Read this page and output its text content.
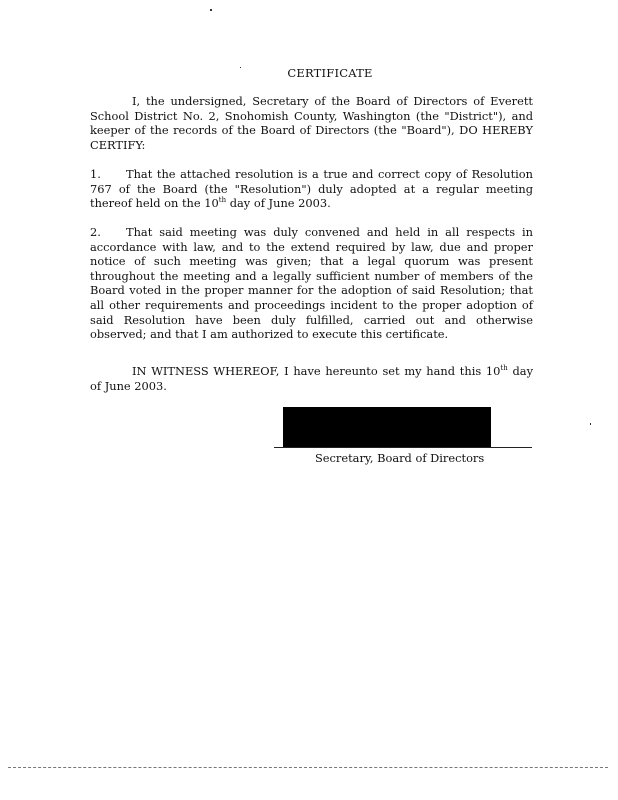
CERTIFICATE

I, the undersigned, Secretary of the Board of Directors of Everett School District No. 2, Snohomish County, Washington (the "District"), and keeper of the records of the Board of Directors (the "Board"), DO HEREBY CERTIFY:

1. That the attached resolution is a true and correct copy of Resolution 767 of the Board (the "Resolution") duly adopted at a regular meeting thereof held on the 10th day of June 2003.

2. That said meeting was duly convened and held in all respects in accordance with law, and to the extend required by law, due and proper notice of such meeting was given; that a legal quorum was present throughout the meeting and a legally sufficient number of members of the Board voted in the proper manner for the adoption of said Resolution; that all other requirements and proceedings incident to the proper adoption of said Resolution have been duly fulfilled, carried out and otherwise observed; and that I am authorized to execute this certificate.

IN WITNESS WHEREOF, I have hereunto set my hand this 10th day of June 2003.

Secretary, Board of Directors
